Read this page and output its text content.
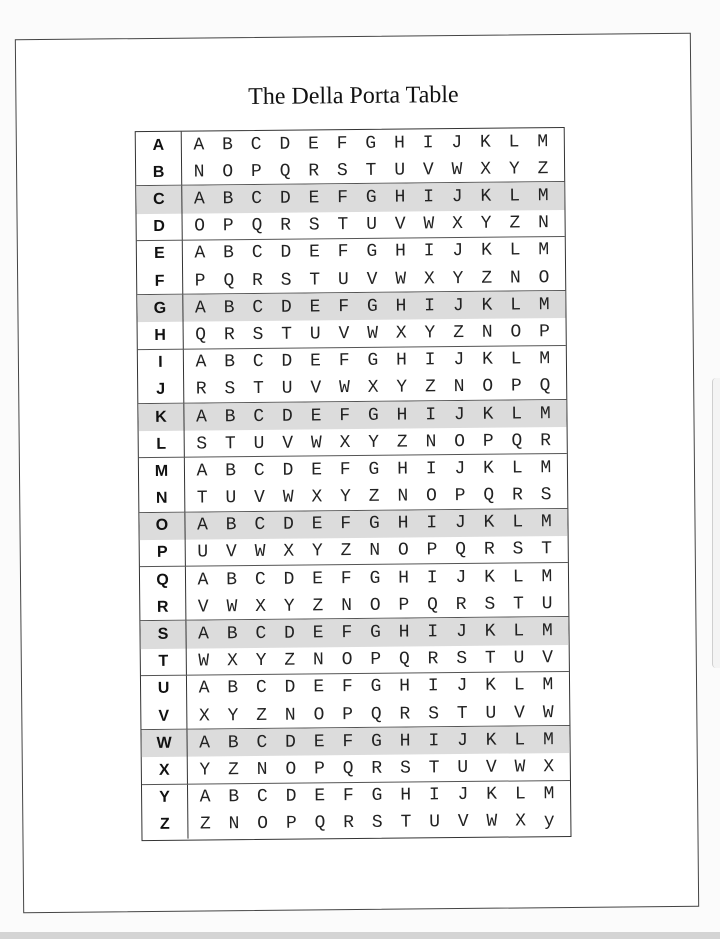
The Della Porta Table
A	A B C D E F G H I J K L M
B	N O P Q R S T U V W X Y Z
C	A B C D E F G H I J K L M
D	O P Q R S T U V W X Y Z N
E	A B C D E F G H I J K L M
F	P Q R S T U V W X Y Z N O
G	A B C D E F G H I J K L M
H	Q R S T U V W X Y Z N O P
I	A B C D E F G H I J K L M
J	R S T U V W X Y Z N O P Q
K	A B C D E F G H I J K L M
L	S T U V W X Y Z N O P Q R
M	A B C D E F G H I J K L M
N	T U V W X Y Z N O P Q R S
O	A B C D E F G H I J K L M
P	U V W X Y Z N O P Q R S T
Q	A B C D E F G H I J K L M
R	V W X Y Z N O P Q R S T U
S	A B C D E F G H I J K L M
T	W X Y Z N O P Q R S T U V
U	A B C D E F G H I J K L M
V	X Y Z N O P Q R S T U V W
W	A B C D E F G H I J K L M
X	Y Z N O P Q R S T U V W X
Y	A B C D E F G H I J K L M
Z	Z N O P Q R S T U V W X y
